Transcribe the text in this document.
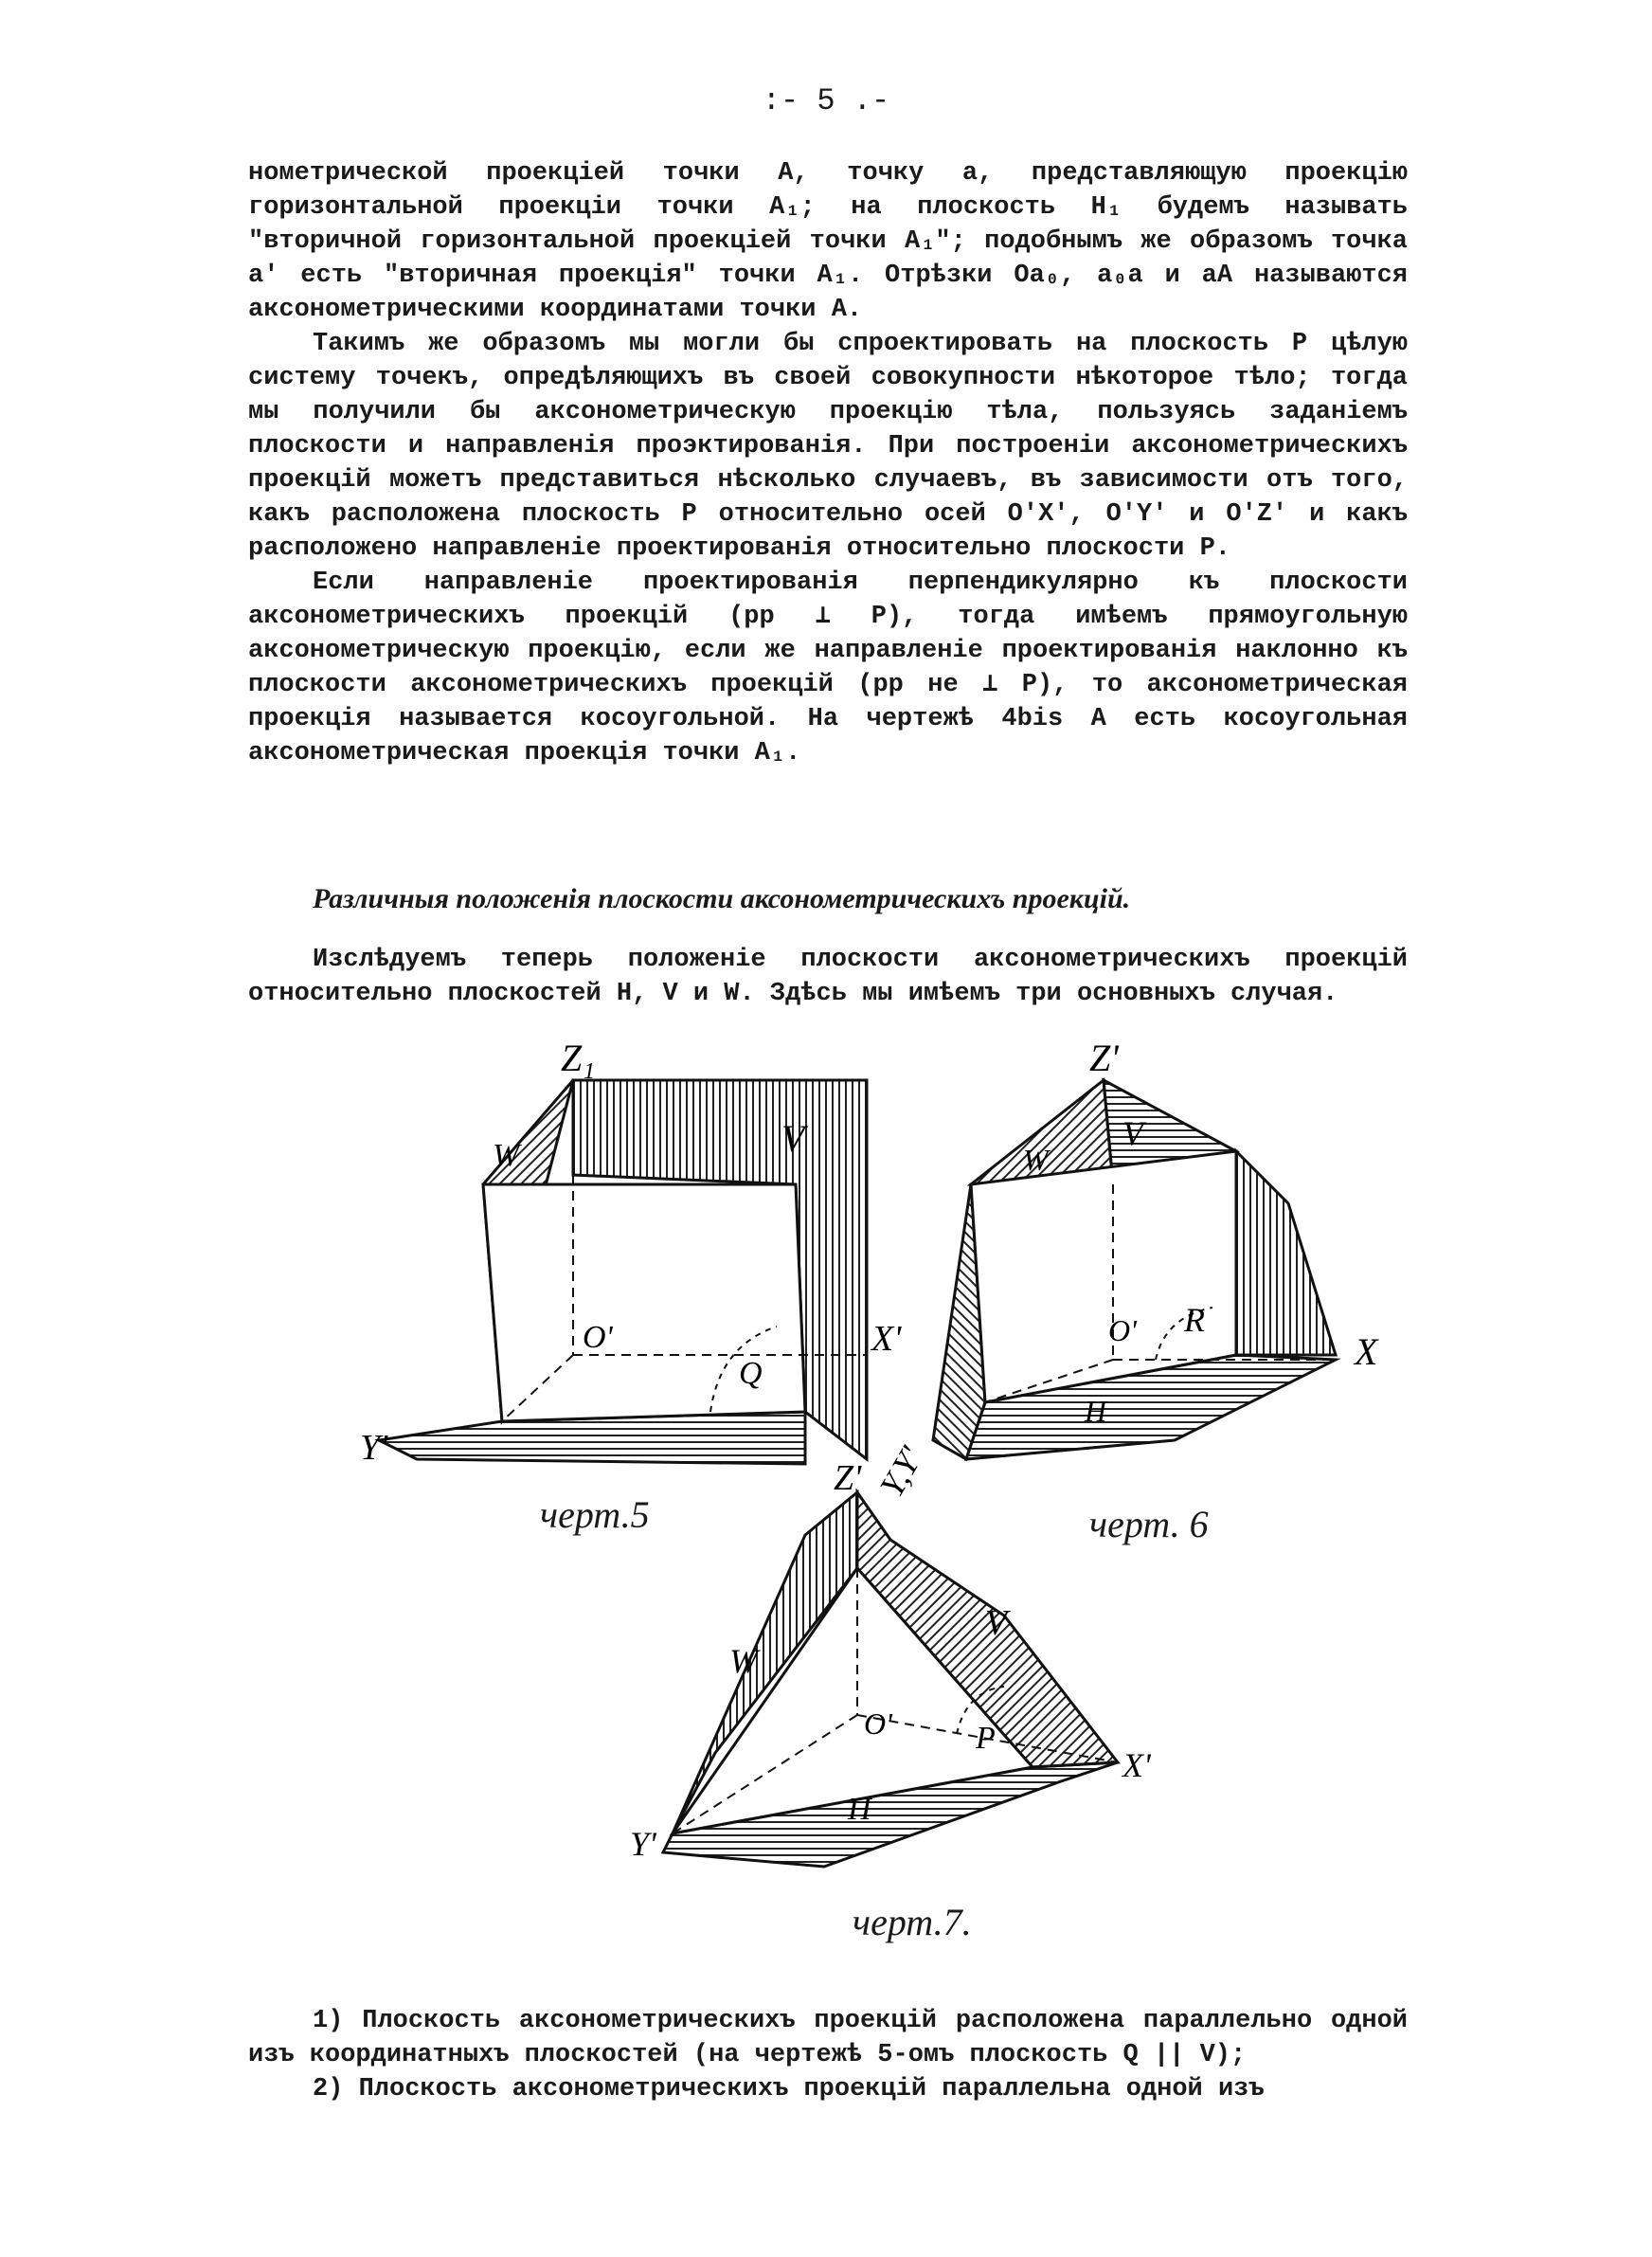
:- 5 .-

нометрической проекціей точки А, точку а, представляющую проекцію горизонтальной проекціи точки А₁; на плоскость Н₁ будемъ называть "вторичной горизонтальной проекціей точки А₁"; подобнымъ же образомъ точка а' есть "вторичная проекція" точки А₁. Отрѣзки Оа₀, а₀а и аА называются аксонометрическими координатами точки А.

Такимъ же образомъ мы могли бы спроектировать на плоскость Р цѣлую систему точекъ, опредѣляющихъ въ своей совокупности нѣкоторое тѣло; тогда мы получили бы аксонометрическую проекцію тѣла, пользуясь заданіемъ плоскости и направленія проэктированія. При построеніи аксонометрическихъ проекцій можетъ представиться нѣсколько случаевъ, въ зависимости отъ того, какъ расположена плоскость Р относительно осей О'Х', О'Y' и О'Z' и какъ расположено направленіе проектированія относительно плоскости Р.

Если направленіе проектированія перпендикулярно къ плоскости аксонометрическихъ проекцій (рр ⊥ Р), тогда имѣемъ прямоугольную аксонометрическую проекцію, если же направленіе проектированія наклонно къ плоскости аксонометрическихъ проекцій (рр не ⊥ Р), то аксонометрическая проекція называется косоугольной. На чертежѣ 4bis А есть косоугольная аксонометрическая проекція точки А₁.

Различныя положенія плоскости аксонометрическихъ проекцій.

Изслѣдуемъ теперь положеніе плоскости аксонометрическихъ проекцій относительно плоскостей Н, V и W. Здѣсь мы имѣемъ три основныхъ случая.

Z₁
W	V
O'	X'
Q
Y'
черт.5
Z'
W
V
O' R
X
H
Y,Y'
черт. 6
Z'
W
V
O'	P
X'
H
Y'
черт.7.

1) Плоскость аксонометрическихъ проекцій расположена параллельно одной изъ координатныхъ плоскостей (на чертежѣ 5-омъ плоскость Q || V);

2) Плоскость аксонометрическихъ проекцій параллельна одной изъ
